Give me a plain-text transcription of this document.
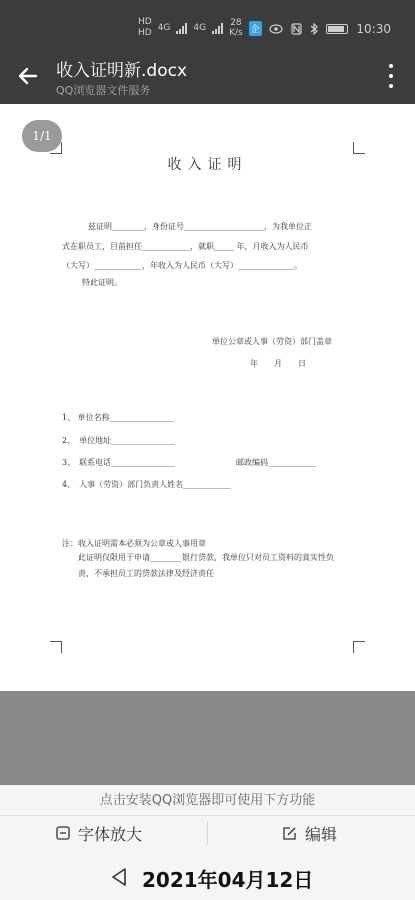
HD
HD
4G	4G	28
K/s 企	10:30
收入证明新.docx
QQ浏览器文件服务
1/1
收入证明
兹证明________，身份证号____________________，为我单位正
式在职员工，目前担任____________，就职_____ 年，月收入为人民币
（大写）____________，年收入为人民币（大写）______________。
特此证明。
单位公章或人事（劳资）部门盖章
年　　月　　日
1、 单位名称________________
2、　单位地址________________
3、　联系电话________________	邮政编码____________
4、　人事（劳资）部门负责人姓名____________
注：收入证明需本必须为公章或人事用章
此证明仅限用于申请________银行贷款，我单位只对员工资料的真实性负
责，不承担员工的贷款法律及经济责任
点击安装QQ浏览器即可使用下方功能
字体放大	编辑
2021年04月12日
